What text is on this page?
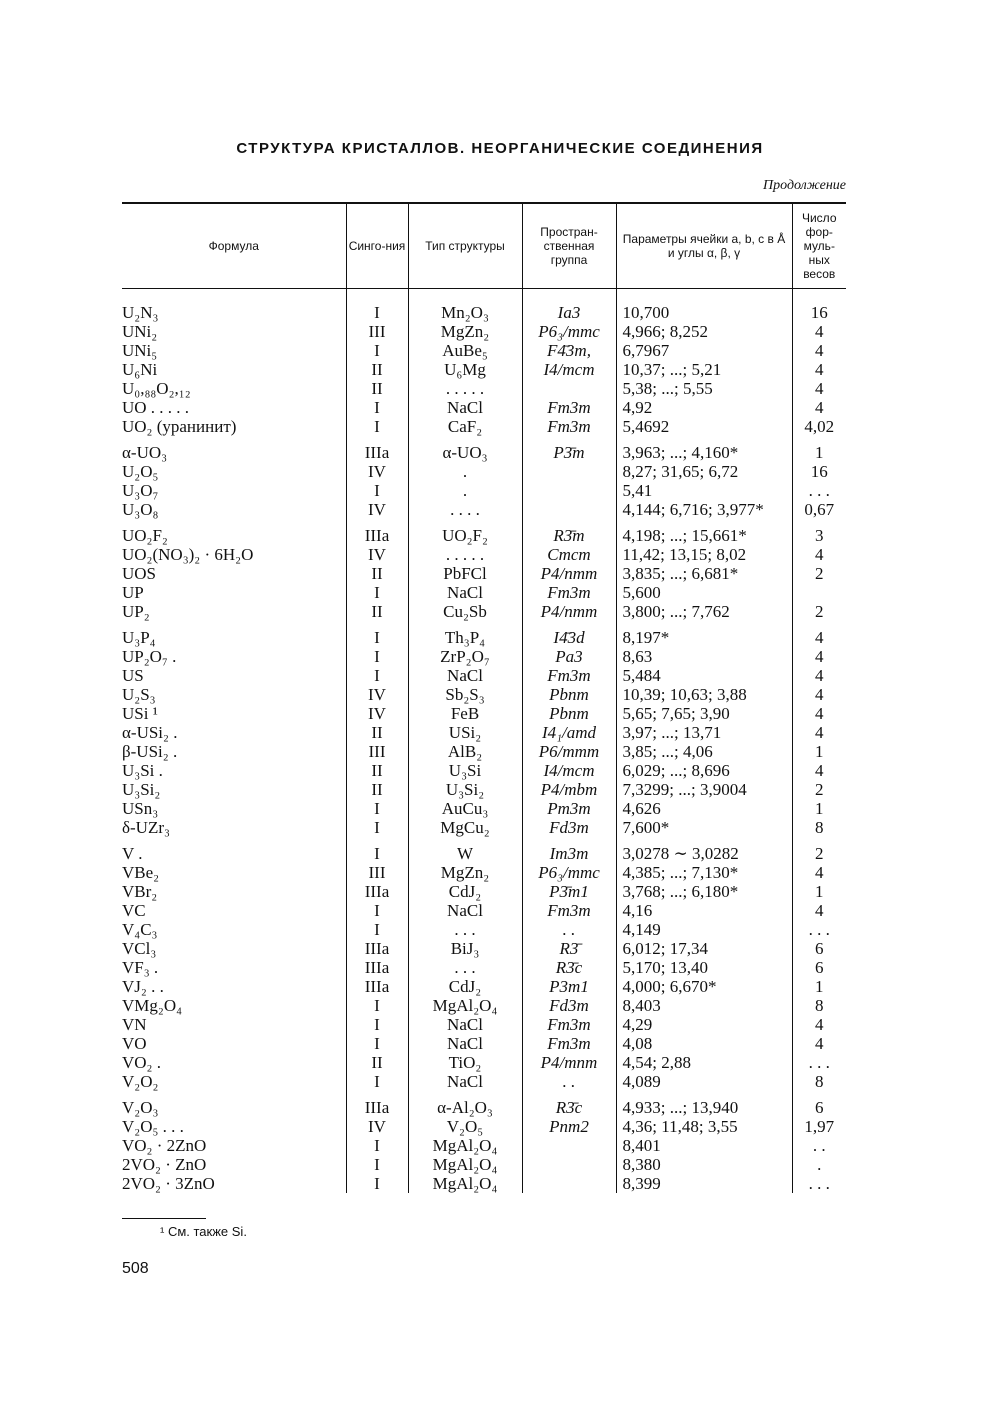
СТРУКТУРА КРИСТАЛЛОВ. НЕОРГАНИЧЕСКИЕ СОЕДИНЕНИЯ
Продолжение
Формула	Синго-ния	Тип структуры	Простран-ственная группа	Параметры ячейки a, b, c в Å и углы α, β, γ	Число фор-муль-ных весов

U₂N₃	I	Mn₂O₃	Ia3	10,700	16
UNi₂	III	MgZn₂	P6₃/mmc	4,966; 8,252	4
UNi₅	I	AuBe₅	F4̄3m,	6,7967	4
U₆Ni	II	U₆Mg	I4/mcm	10,37; ...; 5,21	4
U₀,₈₈O₂,₁₂	II	. . . . .		5,38; ...; 5,55	4
UO . . . . .	I	NaCl	Fm3m	4,92	4
UO₂ (уранинит)	I	CaF₂	Fm3m	5,4692	4,02
α-UO₃	IIIa	α-UO₃	P3̄m	3,963; ...; 4,160*	1
U₂O₅	IV	.		8,27; 31,65; 6,72	16
U₃O₇	I	.		5,41	. . .
U₃O₈	IV	. . . .		4,144; 6,716; 3,977*	0,67
UO₂F₂	IIIa	UO₂F₂	R3̄m	4,198; ...; 15,661*	3
UO₂(NO₃)₂ · 6H₂O	IV	. . . . .	Cmcm	11,42; 13,15; 8,02	4
UOS	II	PbFCl	P4/nmm	3,835; ...; 6,681*	2
UP	I	NaCl	Fm3m	5,600	
UP₂	II	Cu₂Sb	P4/nmm	3,800; ...; 7,762	2
U₃P₄	I	Th₃P₄	I4̄3d	8,197*	4
UP₂O₇ .	I	ZrP₂O₇	Pa3	8,63	4
US	I	NaCl	Fm3m	5,484	4
U₂S₃	IV	Sb₂S₃	Pbnm	10,39; 10,63; 3,88	4
USi ¹	IV	FeB	Pbnm	5,65; 7,65; 3,90	4
α-USi₂ .	II	USi₂	I4₁/amd	3,97; ...; 13,71	4
β-USi₂ .	III	AlB₂	P6/mmm	3,85; ...; 4,06	1
U₃Si .	II	U₃Si	I4/mcm	6,029; ...; 8,696	4
U₃Si₂	II	U₃Si₂	P4/mbm	7,3299; ...; 3,9004	2
USn₃	I	AuCu₃	Pm3m	4,626	1
δ-UZr₃	I	MgCu₂	Fd3m	7,600*	8
V .	I	W	Im3m	3,0278 ∼ 3,0282	2
VBe₂	III	MgZn₂	P6₃/mmc	4,385; ...; 7,130*	4
VBr₂	IIIa	CdJ₂	P3̄m1	3,768; ...; 6,180*	1
VC	I	NaCl	Fm3m	4,16	4
V₄C₃	I	. . .	. .	4,149	. . .
VCl₃	IIIa	BiJ₃	R3̄	6,012; 17,34	6
VF₃ .	IIIa	. . .	R3̄c	5,170; 13,40	6
VJ₂ . .	IIIa	CdJ₂	P3m1	4,000; 6,670*	1
VMg₂O₄	I	MgAl₂O₄	Fd3m	8,403	8
VN	I	NaCl	Fm3m	4,29	4
VO	I	NaCl	Fm3m	4,08	4
VO₂ .	II	TiO₂	P4/mnm	4,54; 2,88	. . .
V₂O₂	I	NaCl	. .	4,089	8
V₂O₃	IIIa	α-Al₂O₃	R3̄c	4,933; ...; 13,940	6
V₂O₅ . . .	IV	V₂O₅	Pnm2	4,36; 11,48; 3,55	1,97
VO₂ · 2ZnO	I	MgAl₂O₄		8,401	. .
2VO₂ · ZnO	I	MgAl₂O₄		8,380	.
2VO₂ · 3ZnO	I	MgAl₂O₄		8,399	. . .
¹ См. также Si.
508
